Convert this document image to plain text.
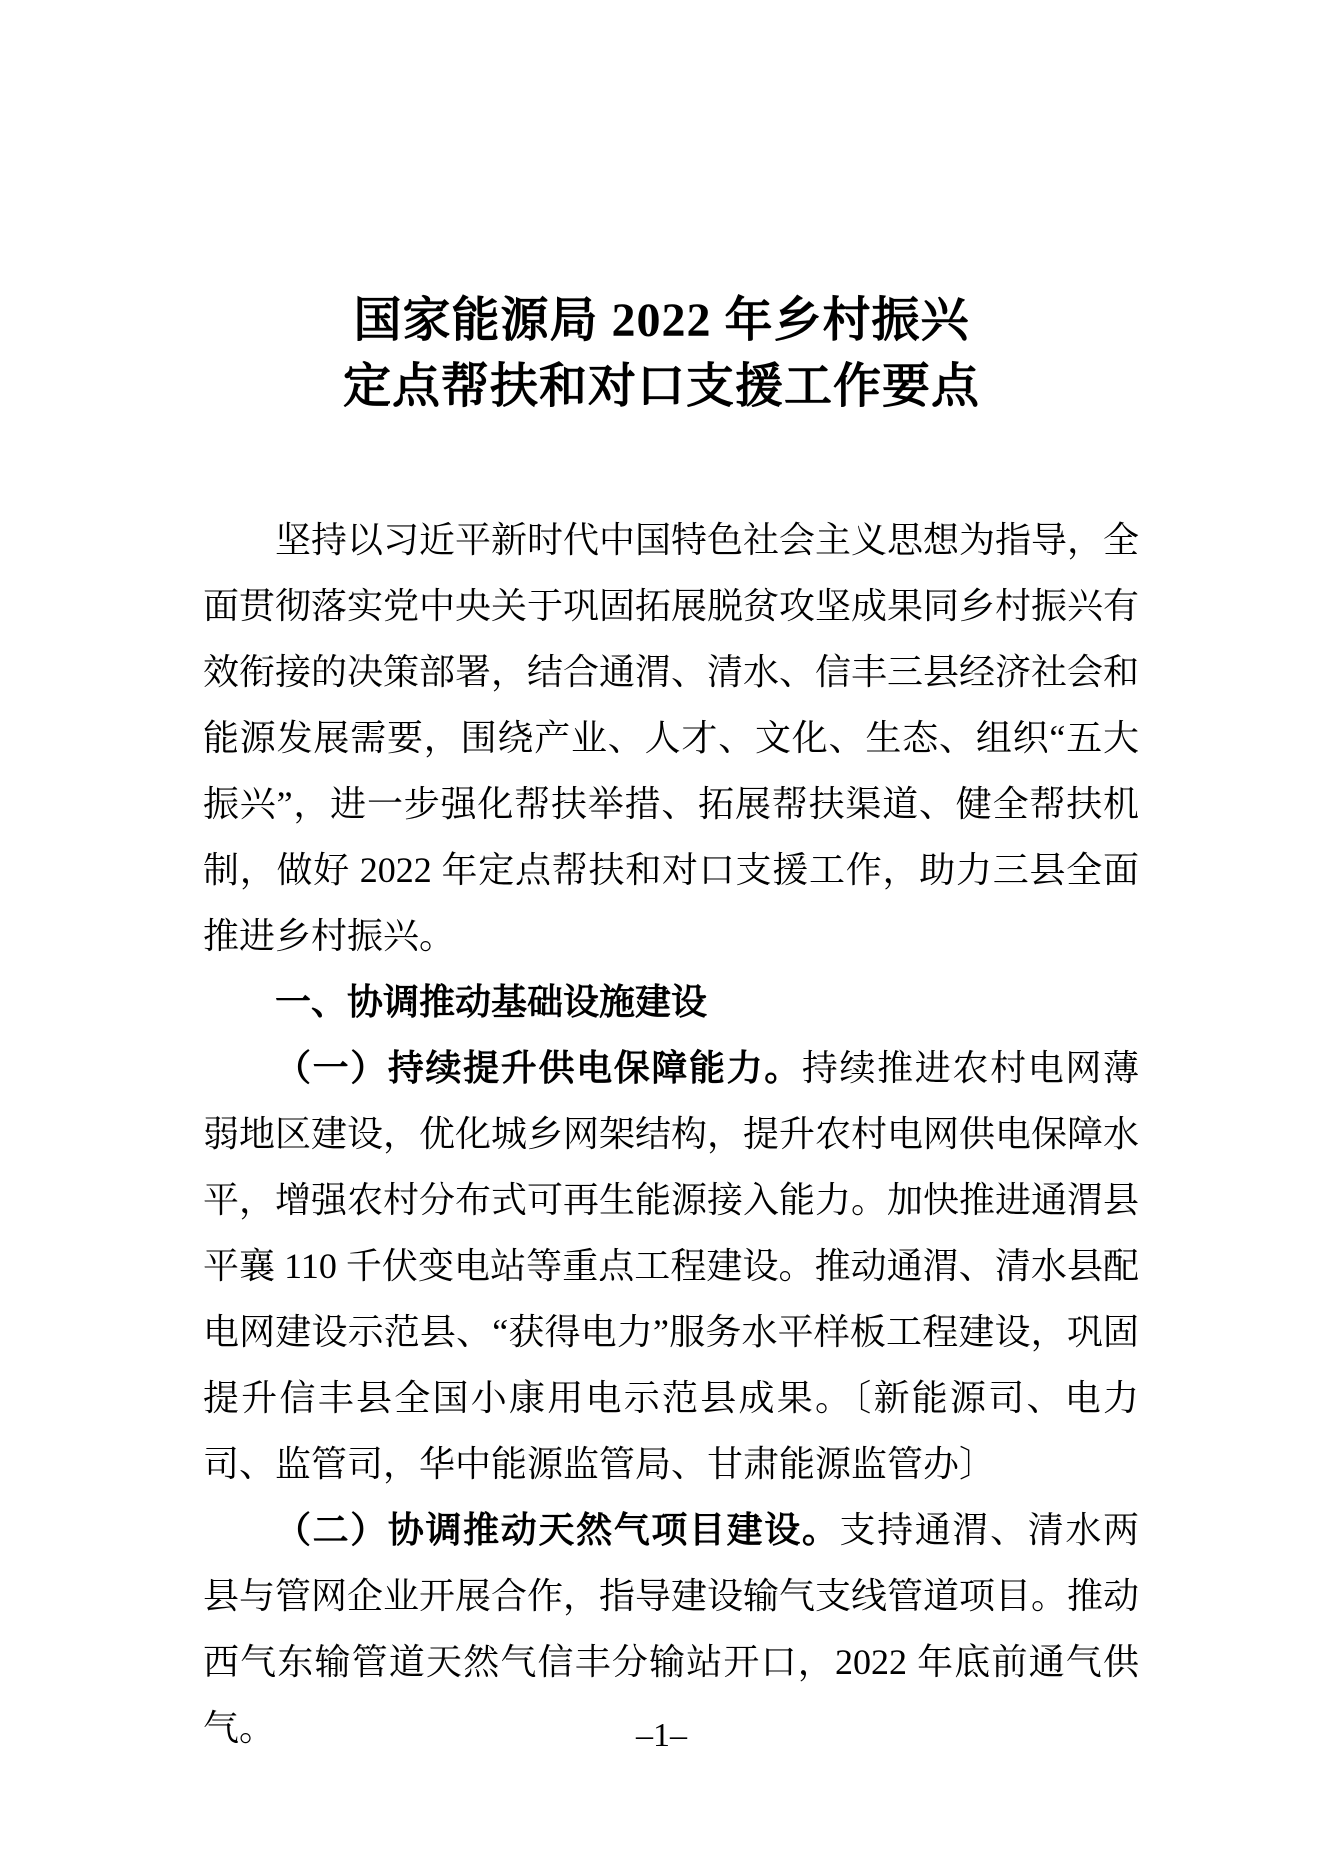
国家能源局 2022 年乡村振兴
定点帮扶和对口支援工作要点

坚持以习近平新时代中国特色社会主义思想为指导，全面贯彻落实党中央关于巩固拓展脱贫攻坚成果同乡村振兴有效衔接的决策部署，结合通渭、清水、信丰三县经济社会和能源发展需要，围绕产业、人才、文化、生态、组织“五大振兴”，进一步强化帮扶举措、拓展帮扶渠道、健全帮扶机制，做好 2022 年定点帮扶和对口支援工作，助力三县全面推进乡村振兴。

一、协调推动基础设施建设

（一）持续提升供电保障能力。持续推进农村电网薄弱地区建设，优化城乡网架结构，提升农村电网供电保障水平，增强农村分布式可再生能源接入能力。加快推进通渭县平襄 110 千伏变电站等重点工程建设。推动通渭、清水县配电网建设示范县、“获得电力”服务水平样板工程建设，巩固提升信丰县全国小康用电示范县成果。〔新能源司、电力司、监管司，华中能源监管局、甘肃能源监管办〕

（二）协调推动天然气项目建设。支持通渭、清水两县与管网企业开展合作，指导建设输气支线管道项目。推动西气东输管道天然气信丰分输站开口，2022 年底前通气供气。	–1–
